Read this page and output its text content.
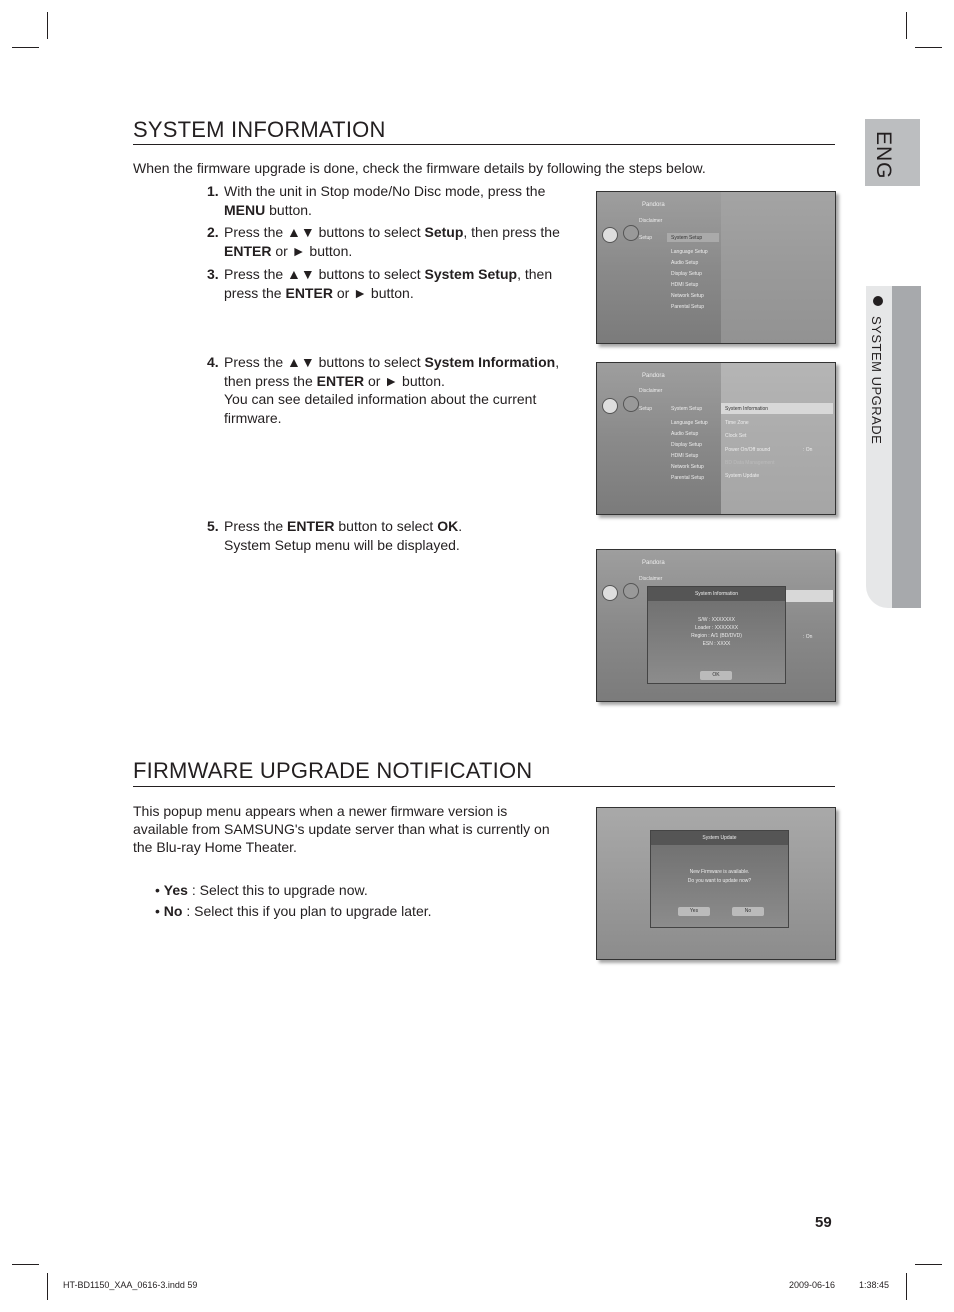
ENG
SYSTEM UPGRADE
SYSTEM INFORMATION
When the firmware upgrade is done, check the firmware details by following the steps below.
1. With the unit in Stop mode/No Disc mode, press the MENU button.
2. Press the ▲▼ buttons to select Setup, then press the ENTER or ► button.
3. Press the ▲▼ buttons to select System Setup, then press the ENTER or ► button.
4. Press the ▲▼ buttons to select System Information, then press the ENTER or ► button.
You can see detailed information about the current firmware.
5. Press the ENTER button to select OK.
System Setup menu will be displayed.
Pandora
Disclaimer
Setup	System Setup
Language Setup
Audio Setup
Display Setup
HDMI Setup
Network Setup
Parental Setup
Pandora
Disclaimer
Setup	System Setup
Language Setup
Audio Setup
Display Setup
HDMI Setup
Network Setup
Parental Setup
System Information
Time Zone
Clock Set
Power On/Off sound	: On
BD Data Management
System Update
Pandora
Disclaimer
: On
System Information
S/W : XXXXXXX
Loader : XXXXXXX
Region : A/1 (BD/DVD)
ESN : XXXX
OK
FIRMWARE UPGRADE NOTIFICATION
This popup menu appears when a newer firmware version is available from SAMSUNG's update server than what is currently on the Blu-ray Home Theater.
• Yes : Select this to upgrade now.
• No : Select this if you plan to upgrade later.
System Update
New Firmware is available.
Do you want to update now?
Yes	No
59
HT-BD1150_XAA_0616-3.indd 59	2009-06-16	1:38:45
